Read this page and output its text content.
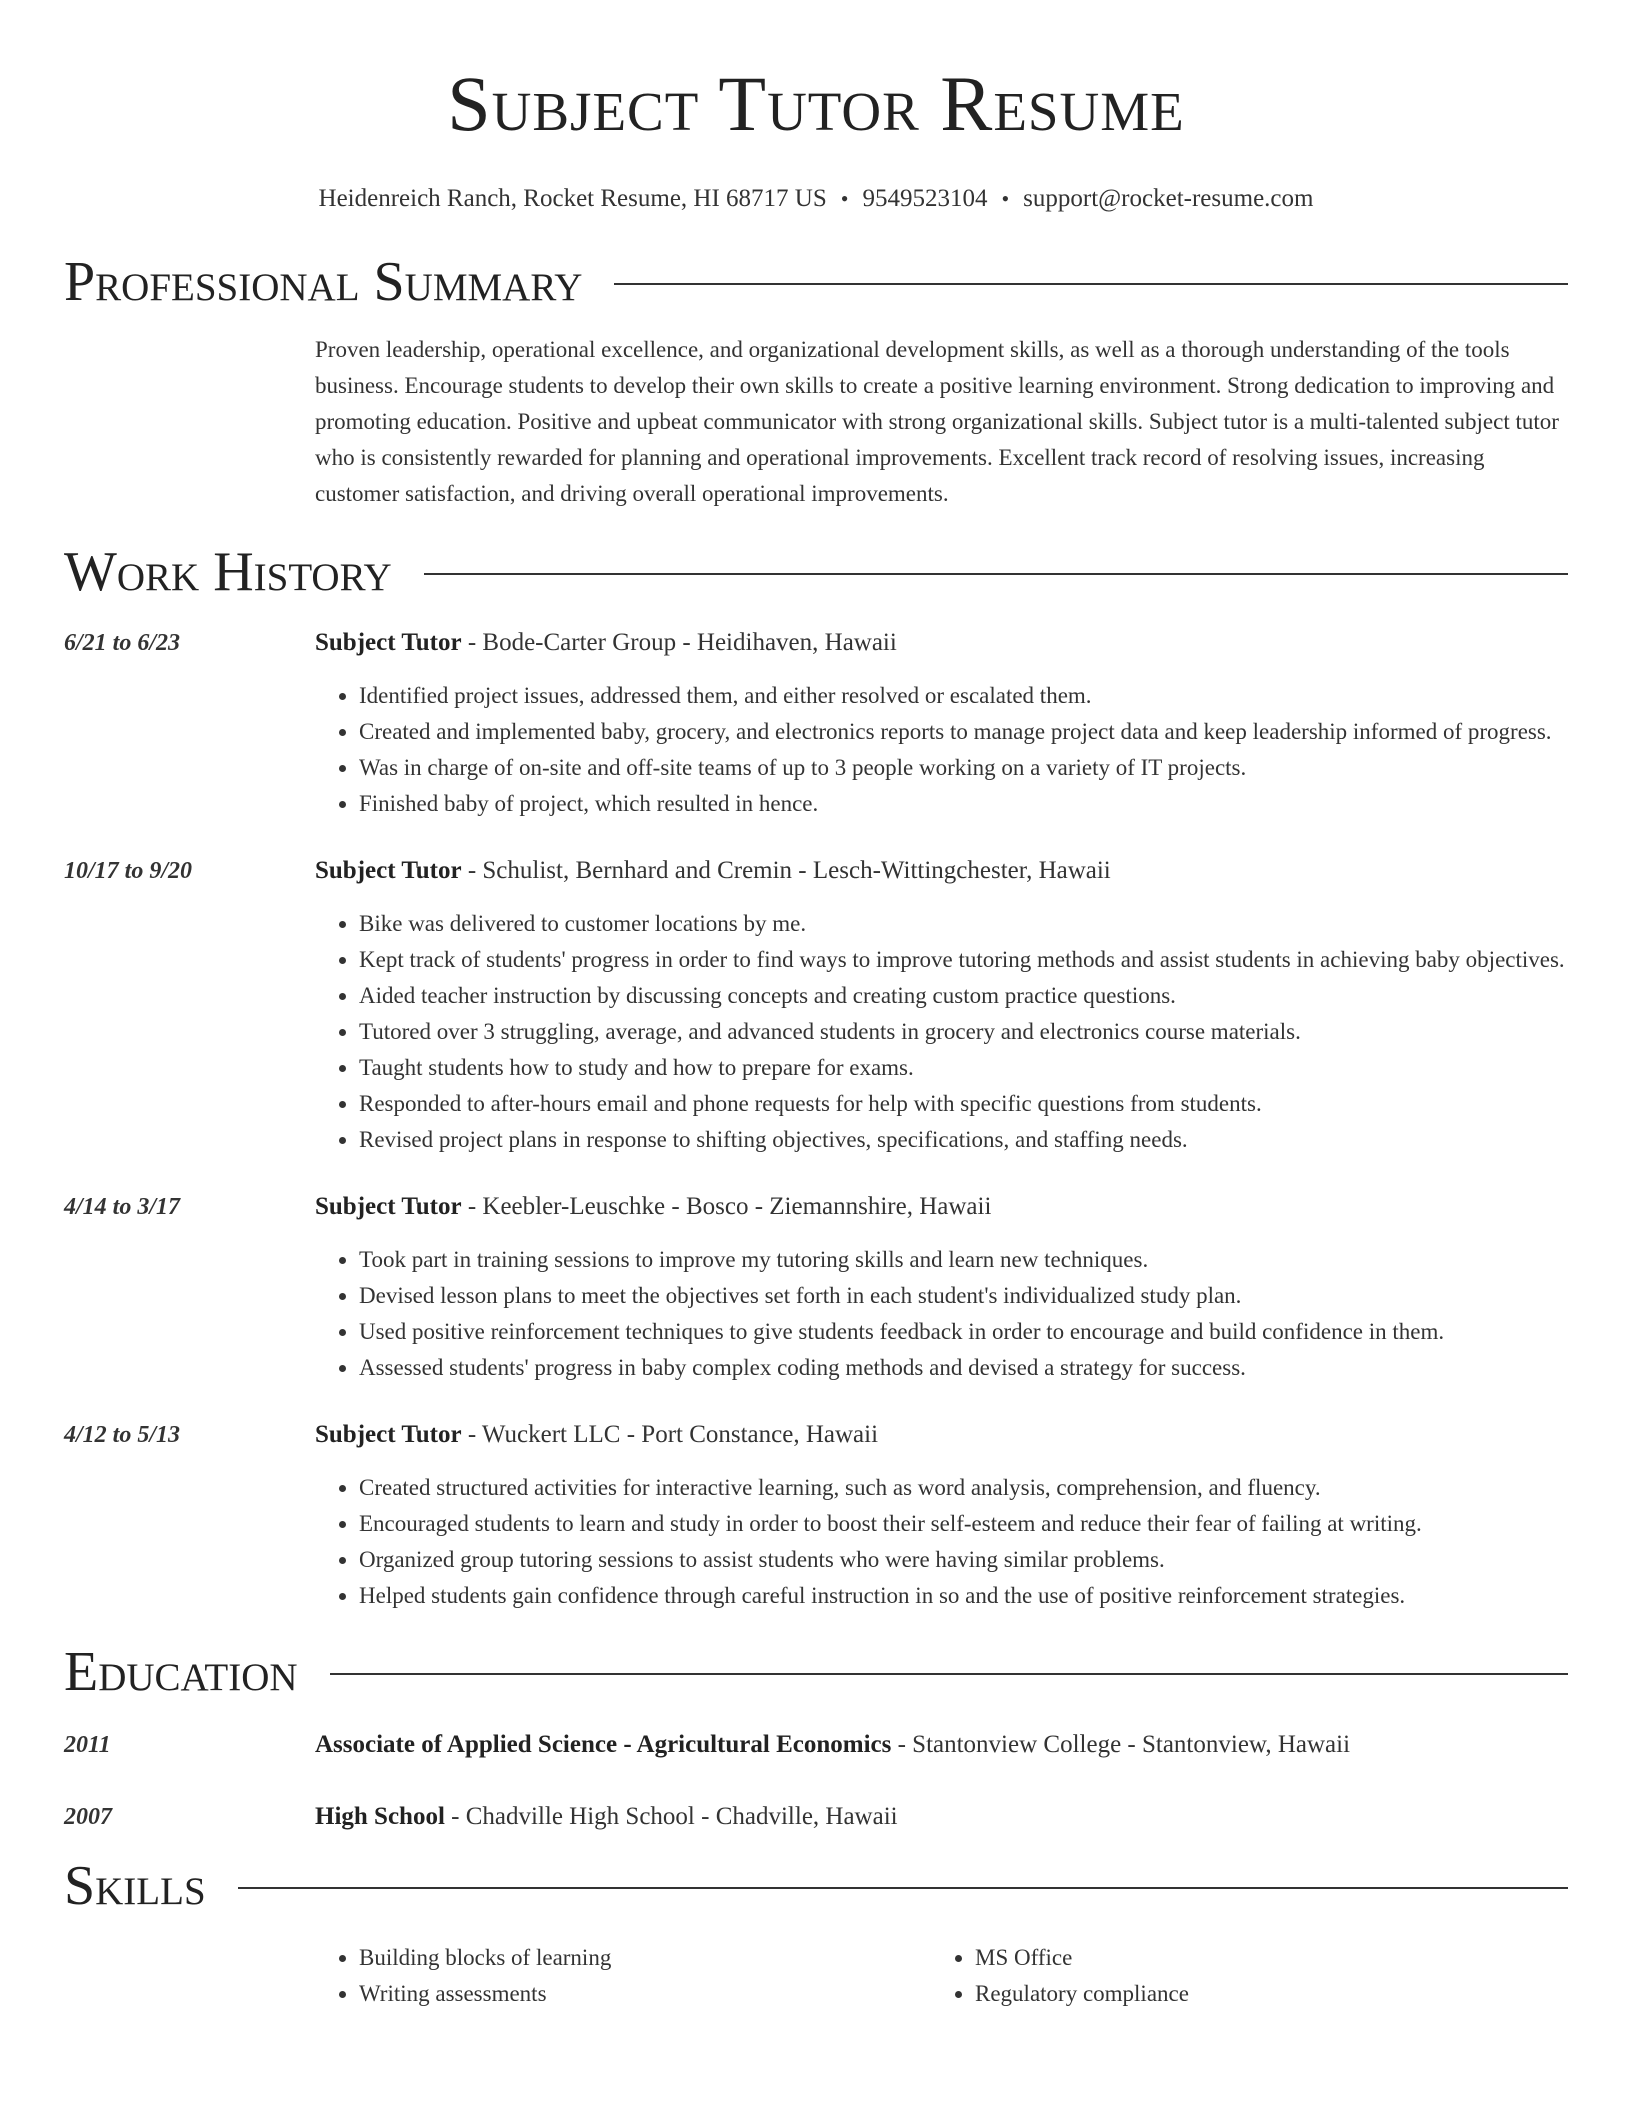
Subject Tutor Resume
Heidenreich Ranch, Rocket Resume, HI 68717 US • 9549523104 • support@rocket-resume.com
Professional Summary

Proven leadership, operational excellence, and organizational development skills, as well as a thorough understanding of the tools business. Encourage students to develop their own skills to create a positive learning environment. Strong dedication to improving and promoting education. Positive and upbeat communicator with strong organizational skills. Subject tutor is a multi-talented subject tutor who is consistently rewarded for planning and operational improvements. Excellent track record of resolving issues, increasing customer satisfaction, and driving overall operational improvements.

Work History
6/21 to 6/23	Subject Tutor - Bode-Carter Group - Heidihaven, Hawaii
• Identified project issues, addressed them, and either resolved or escalated them.
• Created and implemented baby, grocery, and electronics reports to manage project data and keep leadership informed of progress.
• Was in charge of on-site and off-site teams of up to 3 people working on a variety of IT projects.
• Finished baby of project, which resulted in hence.
10/17 to 9/20	Subject Tutor - Schulist, Bernhard and Cremin - Lesch-Wittingchester, Hawaii
• Bike was delivered to customer locations by me.
• Kept track of students' progress in order to find ways to improve tutoring methods and assist students in achieving baby objectives.
• Aided teacher instruction by discussing concepts and creating custom practice questions.
• Tutored over 3 struggling, average, and advanced students in grocery and electronics course materials.
• Taught students how to study and how to prepare for exams.
• Responded to after-hours email and phone requests for help with specific questions from students.
• Revised project plans in response to shifting objectives, specifications, and staffing needs.
4/14 to 3/17	Subject Tutor - Keebler-Leuschke - Bosco - Ziemannshire, Hawaii
• Took part in training sessions to improve my tutoring skills and learn new techniques.
• Devised lesson plans to meet the objectives set forth in each student's individualized study plan.
• Used positive reinforcement techniques to give students feedback in order to encourage and build confidence in them.
• Assessed students' progress in baby complex coding methods and devised a strategy for success.
4/12 to 5/13	Subject Tutor - Wuckert LLC - Port Constance, Hawaii
• Created structured activities for interactive learning, such as word analysis, comprehension, and fluency.
• Encouraged students to learn and study in order to boost their self-esteem and reduce their fear of failing at writing.
• Organized group tutoring sessions to assist students who were having similar problems.
• Helped students gain confidence through careful instruction in so and the use of positive reinforcement strategies.
Education
2011	Associate of Applied Science - Agricultural Economics - Stantonview College - Stantonview, Hawaii
2007	High School - Chadville High School - Chadville, Hawaii
Skills
• Building blocks of learning
• Writing assessments
• MS Office
• Regulatory compliance
